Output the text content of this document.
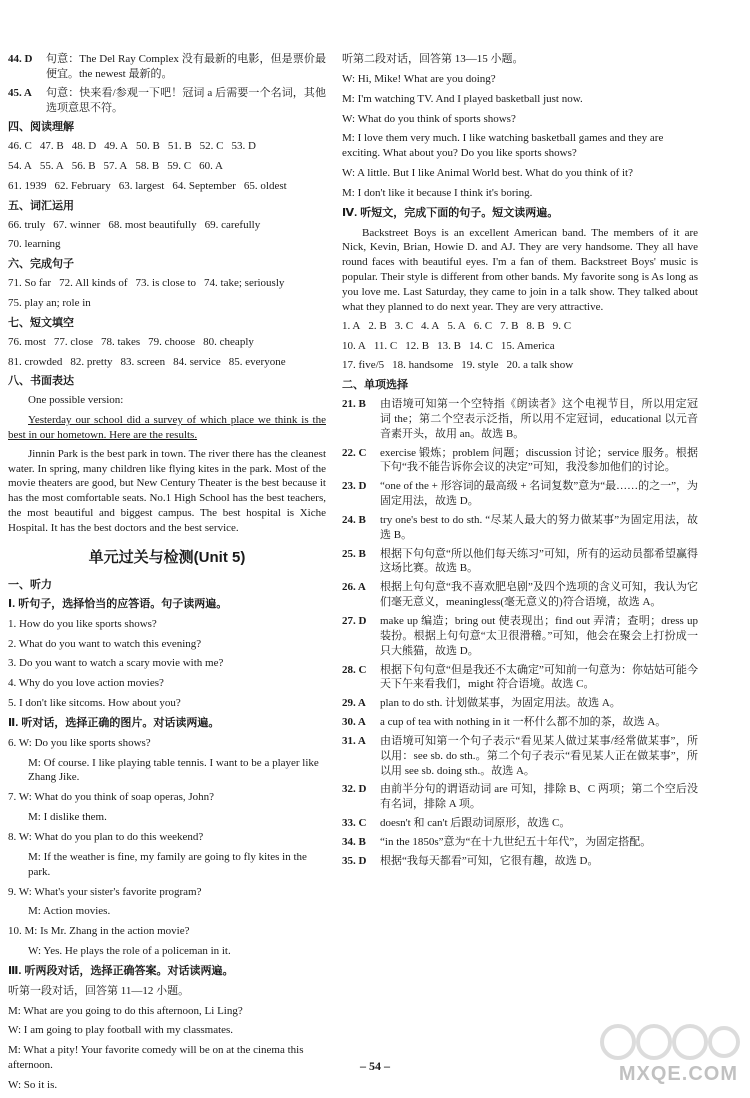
44. D	句意：The Del Ray Complex 没有最新的电影，但是票价最便宜。the newest 最新的。
45. A	句意：快来看/参观一下吧！冠词 a 后需要一个名词，其他选项意思不符。
四、阅读理解
46. C 47. B 48. D 49. A 50. B 51. B 52. C 53. D
54. A 55. A 56. B 57. A 58. B 59. C 60. A
61. 1939 62. February 63. largest 64. September 65. oldest
五、词汇运用
66. truly 67. winner 68. most beautifully 69. carefully
70. learning
六、完成句子
71. So far 72. All kinds of 73. is close to 74. take; seriously
75. play an; role in
七、短文填空
76. most 77. close 78. takes 79. choose 80. cheaply
81. crowded 82. pretty 83. screen 84. service 85. everyone
八、书面表达
One possible version:
Yesterday our school did a survey of which place we think is the best in our hometown. Here are the results.
Jinnin Park is the best park in town. The river there has the cleanest water. In spring, many children like flying kites in the park. Most of the movie theaters are good, but New Century Theater is the best because it has the most comfortable seats. No.1 High School has the best teachers, the most beautiful and biggest campus. The best hospital is Xiche Hospital. It has the best doctors and the best service.
单元过关与检测(Unit 5)
一、听力
Ⅰ. 听句子，选择恰当的应答语。句子读两遍。
1. How do you like sports shows?
2. What do you want to watch this evening?
3. Do you want to watch a scary movie with me?
4. Why do you love action movies?
5. I don't like sitcoms. How about you?
Ⅱ. 听对话，选择正确的图片。对话读两遍。
6. W: Do you like sports shows?
M: Of course. I like playing table tennis. I want to be a player like Zhang Jike.
7. W: What do you think of soap operas, John?
M: I dislike them.
8. W: What do you plan to do this weekend?
M: If the weather is fine, my family are going to fly kites in the park.
9. W: What's your sister's favorite program?
M: Action movies.
10. M: Is Mr. Zhang in the action movie?
W: Yes. He plays the role of a policeman in it.
Ⅲ. 听两段对话，选择正确答案。对话读两遍。
听第一段对话，回答第 11—12 小题。
M: What are you going to do this afternoon, Li Ling?
W: I am going to play football with my classmates.
M: What a pity! Your favorite comedy will be on at the cinema this afternoon.
W: So it is.
听第二段对话，回答第 13—15 小题。
W: Hi, Mike! What are you doing?
M: I'm watching TV. And I played basketball just now.
W: What do you think of sports shows?
M: I love them very much. I like watching basketball games and they are exciting. What about you? Do you like sports shows?
W: A little. But I like Animal World best. What do you think of it?
M: I don't like it because I think it's boring.
Ⅳ. 听短文，完成下面的句子。短文读两遍。
Backstreet Boys is an excellent American band. The members of it are Nick, Kevin, Brian, Howie D. and AJ. They are very handsome. They all have round faces with beautiful eyes. I'm a fan of them. Backstreet Boys' music is popular. Their style is different from other bands. My favorite song is As long as you love me. Last Saturday, they came to join in a talk show. They talked about what they planned to do next year. They are very attractive.
1. A 2. B 3. C 4. A 5. A 6. C 7. B 8. B 9. C
10. A 11. C 12. B 13. B 14. C 15. America
17. five/5 18. handsome 19. style 20. a talk show
二、单项选择
21. B	由语境可知第一个空特指《朗读者》这个电视节目，所以用定冠词 the；第二个空表示泛指，所以用不定冠词，educational 以元音音素开头，故用 an。故选 B。
22. C	exercise 锻炼；problem 问题；discussion 讨论；service 服务。根据下句“我不能告诉你会议的决定”可知，我没参加他们的讨论。
23. D	“one of the + 形容词的最高级 + 名词复数”意为“最……的之一”，为固定用法，故选 D。
24. B	try one's best to do sth. “尽某人最大的努力做某事”为固定用法，故选 B。
25. B	根据下句句意“所以他们每天练习”可知，所有的运动员都希望赢得这场比赛。故选 B。
26. A	根据上句句意“我不喜欢肥皂剧”及四个选项的含义可知，我认为它们毫无意义，meaningless(毫无意义的)符合语境，故选 A。
27. D	make up 编造；bring out 使表现出；find out 弄清；查明；dress up 装扮。根据上句句意“太卫很滑稽。”可知，他会在聚会上打扮成一只大熊猫，故选 D。
28. C	根据下句句意“但是我还不太确定”可知前一句意为：你姑姑可能今天下午来看我们，might 符合语境。故选 C。
29. A	plan to do sth. 计划做某事，为固定用法。故选 A。
30. A	a cup of tea with nothing in it 一杯什么都不加的茶，故选 A。
31. A	由语境可知第一个句子表示“看见某人做过某事/经常做某事”，所以用：see sb. do sth.。第二个句子表示“看见某人正在做某事”，所以用 see sb. doing sth.。故选 A。
32. D	由前半分句的谓语动词 are 可知，排除 B、C 两项；第二个空后没有名词，排除 A 项。
33. C	doesn't 和 can't 后跟动词原形，故选 C。
34. B	“in the 1850s”意为“在十九世纪五十年代”，为固定搭配。
35. D	根据“我每天都看”可知，它很有趣，故选 D。
– 54 –	MXQE.COM
